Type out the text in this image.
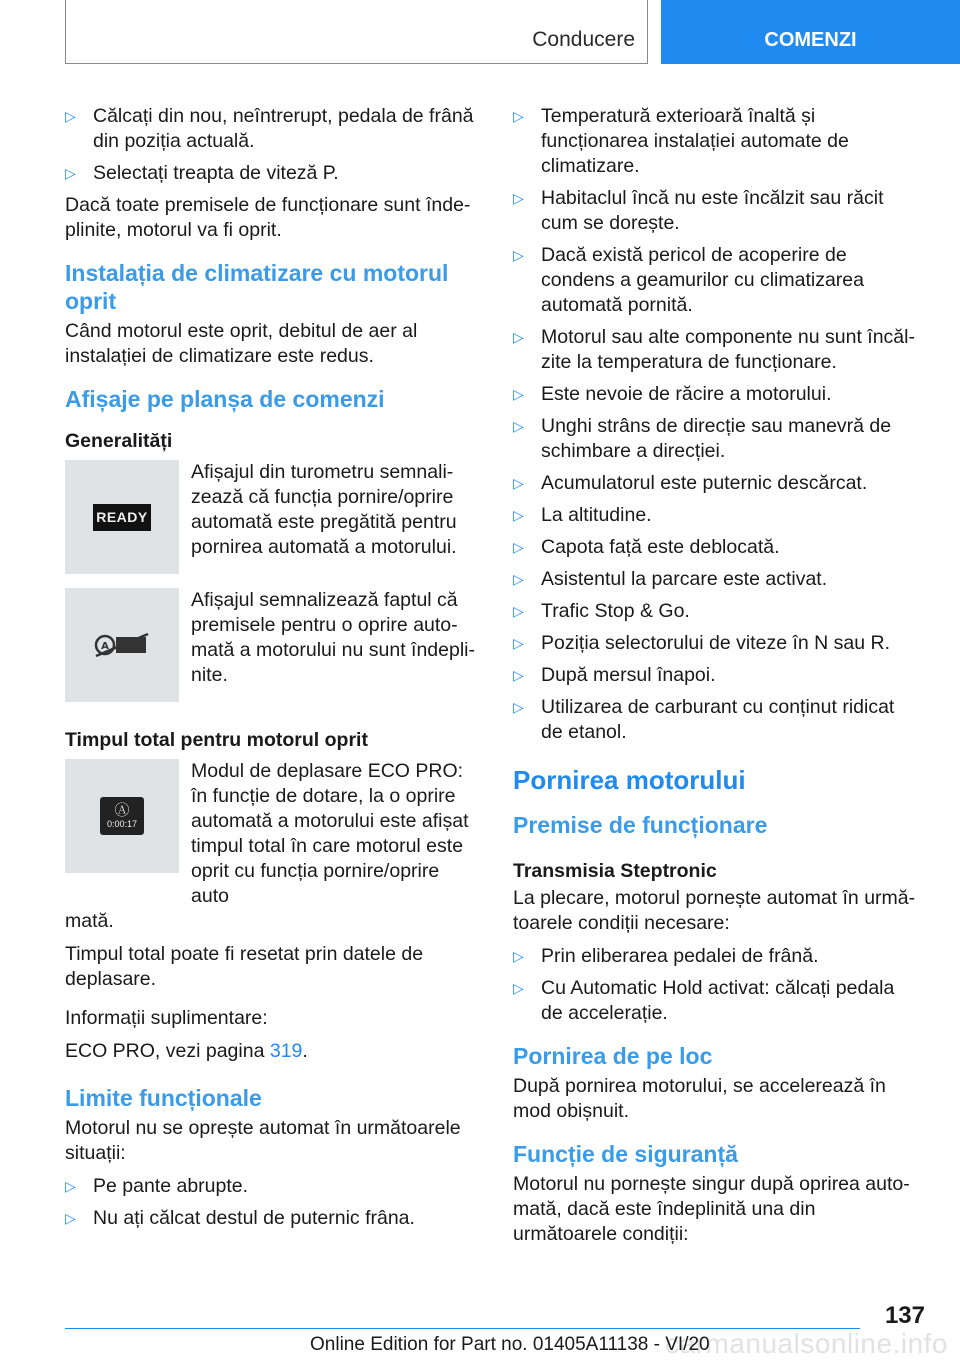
Conducere	COMENZI
▷ Călcați din nou, neîntrerupt, pedala de frână din poziția actuală.
▷ Selectați treapta de viteză P.

Dacă toate premisele de funcționare sunt îndeplinite, motorul va fi oprit.

Instalația de climatizare cu motorul oprit

Când motorul este oprit, debitul de aer al instalației de climatizare este redus.

Afișaje pe planșa de comenzi
Generalități
READY
Afișajul din turometru semnalizează că funcția pornire/oprire automată este pregătită pentru pornirea automată a motorului.
A
Afișajul semnalizează faptul că premisele pentru o oprire automată a motorului nu sunt îndeplinite.
Timpul total pentru motorul oprit
Ⓐ
0:00:17
Modul de deplasare ECO PRO: în funcție de dotare, la o oprire automată a motorului este afișat timpul total în care motorul este oprit cu funcția pornire/oprire auto

mată.

Timpul total poate fi resetat prin datele de deplasare.

Informații suplimentare:

ECO PRO, vezi pagina 319.

Limite funcționale

Motorul nu se oprește automat în următoarele situații:

▷ Pe pante abrupte.
▷ Nu ați călcat destul de puternic frâna.
▷ Temperatură exterioară înaltă și funcționarea instalației automate de climatizare.
▷ Habitaclul încă nu este încălzit sau răcit cum se dorește.
▷ Dacă există pericol de acoperire de condens a geamurilor cu climatizarea automată pornită.
▷ Motorul sau alte componente nu sunt încălzite la temperatura de funcționare.
▷ Este nevoie de răcire a motorului.
▷ Unghi strâns de direcție sau manevră de schimbare a direcției.
▷ Acumulatorul este puternic descărcat.
▷ La altitudine.
▷ Capota față este deblocată.
▷ Asistentul la parcare este activat.
▷ Trafic Stop & Go.
▷ Poziția selectorului de viteze în N sau R.
▷ După mersul înapoi.
▷ Utilizarea de carburant cu conținut ridicat de etanol.
Pornirea motorului
Premise de funcționare
Transmisia Steptronic

La plecare, motorul pornește automat în următoarele condiții necesare:

▷ Prin eliberarea pedalei de frână.
▷ Cu Automatic Hold activat: călcați pedala de accelerație.
Pornirea de pe loc

După pornirea motorului, se accelerează în mod obișnuit.

Funcție de siguranță

Motorul nu pornește singur după oprirea automată, dacă este îndeplinită una din următoarele condiții:

137
carmanualsonline.info
Online Edition for Part no. 01405A11138 - VI/20
